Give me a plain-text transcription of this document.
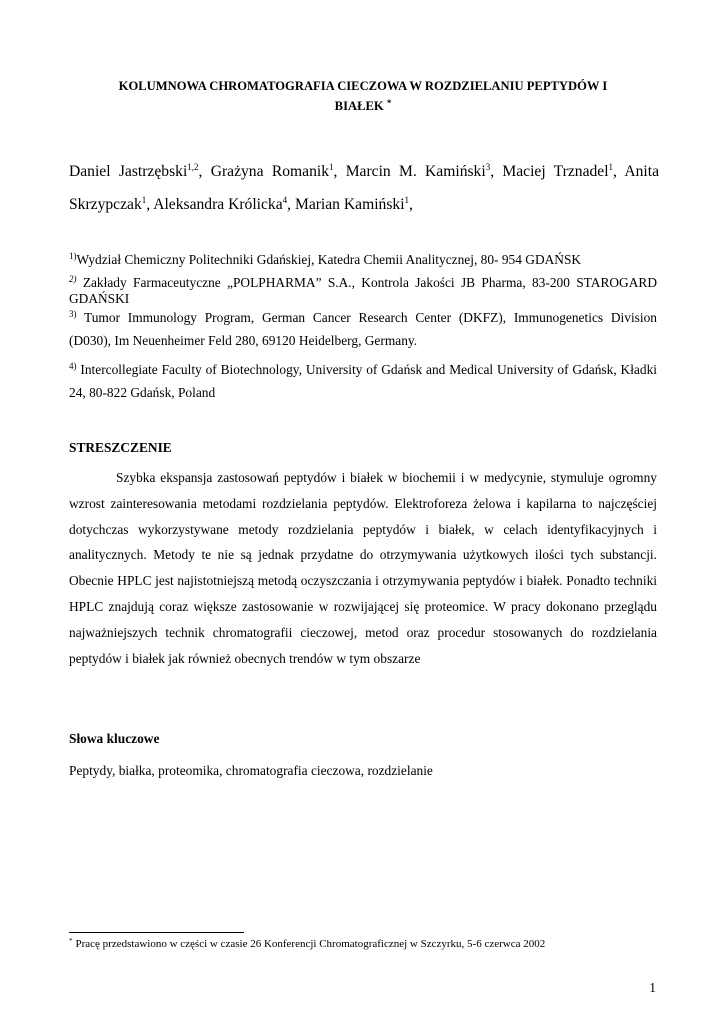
KOLUMNOWA CHROMATOGRAFIA CIECZOWA W ROZDZIELANIU PEPTYDÓW I
BIAŁEK *
Daniel Jastrzębski$^{1,2}$, Grażyna Romanik$^1$, Marcin M. Kamiński$^3$, Maciej Trznadel$^1$, Anita Skrzypczak$^1$, Aleksandra Królicka$^4$, Marian Kamiński$^1$,
$^{1)}$Wydział Chemiczny Politechniki Gdańskiej, Katedra Chemii Analitycznej, 80- 954 GDAŃSK
$^{2)}$ Zakłady Farmaceutyczne „POLPHARMA” S.A., Kontrola Jakości JB Pharma, 83-200 STAROGARD GDAŃSKI
$^{3)}$ Tumor Immunology Program, German Cancer Research Center (DKFZ), Immunogenetics Division (D030), Im Neuenheimer Feld 280, 69120 Heidelberg, Germany.
$^{4)}$ Intercollegiate Faculty of Biotechnology, University of Gdańsk and Medical University of Gdańsk, Kładki 24, 80-822 Gdańsk, Poland
STRESZCZENIE
Szybka ekspansja zastosowań peptydów i białek w biochemii i w medycynie, stymuluje ogromny wzrost zainteresowania metodami rozdzielania peptydów. Elektroforeza żelowa i kapilarna to najczęściej dotychczas wykorzystywane metody rozdzielania peptydów i białek, w celach identyfikacyjnych i analitycznych. Metody te nie są jednak przydatne do otrzymywania użytkowych ilości tych substancji. Obecnie HPLC jest najistotniejszą metodą oczyszczania i otrzymywania peptydów i białek. Ponadto techniki HPLC znajdują coraz większe zastosowanie w rozwijającej się proteomice. W pracy dokonano przeglądu najważniejszych technik chromatografii cieczowej, metod oraz procedur stosowanych do rozdzielania peptydów i białek jak również obecnych trendów w tym obszarze
Słowa kluczowe
Peptydy, białka, proteomika, chromatografia cieczowa, rozdzielanie
* Pracę przedstawiono w części w czasie 26 Konferencji Chromatograficznej w Szczyrku, 5-6 czerwca 2002
1
